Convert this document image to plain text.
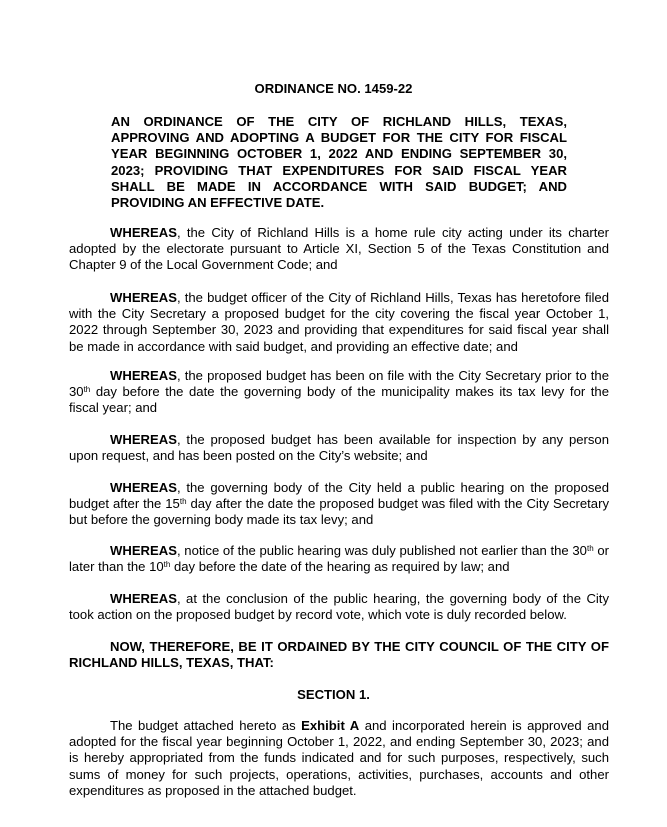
ORDINANCE NO. 1459-22

AN ORDINANCE OF THE CITY OF RICHLAND HILLS, TEXAS, APPROVING AND ADOPTING A BUDGET FOR THE CITY FOR FISCAL YEAR BEGINNING OCTOBER 1, 2022 AND ENDING SEPTEMBER 30, 2023; PROVIDING THAT EXPENDITURES FOR SAID FISCAL YEAR SHALL BE MADE IN ACCORDANCE WITH SAID BUDGET; AND PROVIDING AN EFFECTIVE DATE.

WHEREAS, the City of Richland Hills is a home rule city acting under its charter adopted by the electorate pursuant to Article XI, Section 5 of the Texas Constitution and Chapter 9 of the Local Government Code; and

WHEREAS, the budget officer of the City of Richland Hills, Texas has heretofore filed with the City Secretary a proposed budget for the city covering the fiscal year October 1, 2022 through September 30, 2023 and providing that expenditures for said fiscal year shall be made in accordance with said budget, and providing an effective date; and

WHEREAS, the proposed budget has been on file with the City Secretary prior to the 30th day before the date the governing body of the municipality makes its tax levy for the fiscal year; and

WHEREAS, the proposed budget has been available for inspection by any person upon request, and has been posted on the City’s website; and

WHEREAS, the governing body of the City held a public hearing on the proposed budget after the 15th day after the date the proposed budget was filed with the City Secretary but before the governing body made its tax levy; and

WHEREAS, notice of the public hearing was duly published not earlier than the 30th or later than the 10th day before the date of the hearing as required by law; and

WHEREAS, at the conclusion of the public hearing, the governing body of the City took action on the proposed budget by record vote, which vote is duly recorded below.

NOW, THEREFORE, BE IT ORDAINED BY THE CITY COUNCIL OF THE CITY OF RICHLAND HILLS, TEXAS, THAT:

SECTION 1.

The budget attached hereto as Exhibit A and incorporated herein is approved and adopted for the fiscal year beginning October 1, 2022, and ending September 30, 2023; and is hereby appropriated from the funds indicated and for such purposes, respectively, such sums of money for such projects, operations, activities, purchases, accounts and other expenditures as proposed in the attached budget.
